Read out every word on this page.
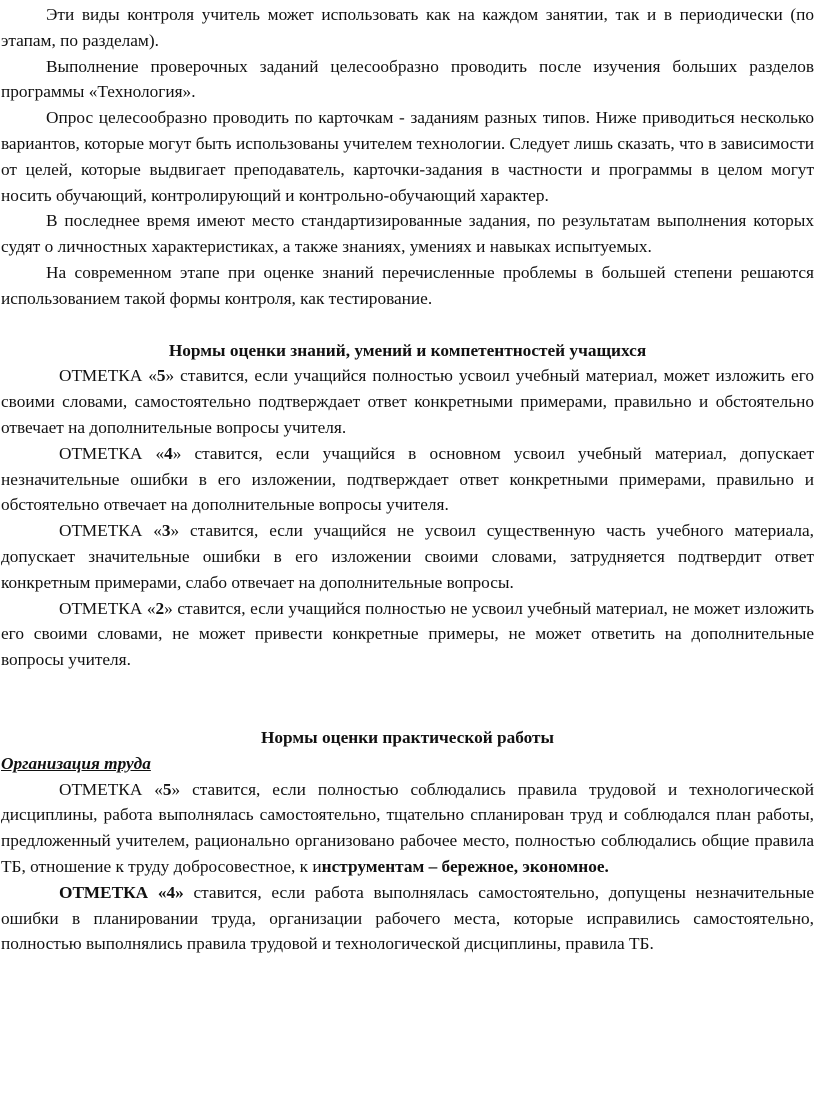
Эти виды контроля учитель может использовать как на каждом занятии, так и в периодически (по этапам, по разделам).

Выполнение проверочных заданий целесообразно проводить после изучения больших разделов программы «Технология».

Опрос целесообразно проводить по карточкам - заданиям разных типов. Ниже приводиться несколько вариантов, которые могут быть использованы учителем технологии. Следует лишь сказать, что в зависимости от целей, которые выдвигает преподаватель, карточки-задания в частности и программы в целом могут носить обучающий, контролирующий и контрольно-обучающий характер.

В последнее время имеют место стандартизированные задания, по результатам выполнения которых судят о личностных характеристиках, а также знаниях, умениях и навыках испытуемых.

На современном этапе при оценке знаний перечисленные проблемы в большей степени решаются использованием такой формы контроля, как тестирование.

Нормы оценки знаний, умений и компетентностей учащихся

ОТМЕТКА «5» ставится, если учащийся полностью усвоил учебный материал, может изложить его своими словами, самостоятельно подтверждает ответ конкретными примерами, правильно и обстоятельно отвечает на дополнительные вопросы учителя.

ОТМЕТКА «4» ставится, если учащийся в основном усвоил учебный материал, допускает незначительные ошибки в его изложении, подтверждает ответ конкретными примерами, правильно и обстоятельно отвечает на дополнительные вопросы учителя.

ОТМЕТКА «3» ставится, если учащийся не усвоил существенную часть учебного материала, допускает значительные ошибки в его изложении своими словами, затрудняется подтвердит ответ конкретным примерами, слабо отвечает на дополнительные вопросы.

ОТМЕТКА «2» ставится, если учащийся полностью не усвоил учебный материал, не может изложить его своими словами, не может привести конкретные примеры, не может ответить на дополнительные вопросы учителя.

Нормы оценки практической работы
Организация труда

ОТМЕТКА «5» ставится, если полностью соблюдались правила трудовой и технологической дисциплины, работа выполнялась самостоятельно, тщательно спланирован труд и соблюдался план работы, предложенный учителем, рационально организовано рабочее место, полностью соблюдались общие правила ТБ, отношение к труду добросовестное, к инструментам – бережное, экономное.

ОТМЕТКА «4» ставится, если работа выполнялась самостоятельно, допущены незначительные ошибки в планировании труда, организации рабочего места, которые исправились самостоятельно, полностью выполнялись правила трудовой и технологической дисциплины, правила ТБ.
